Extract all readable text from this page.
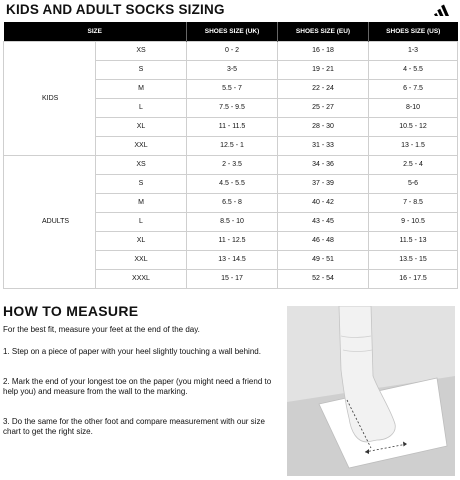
KIDS AND ADULT SOCKS SIZING
SIZE		SHOES SIZE (UK)	SHOES SIZE (EU)	SHOES SIZE (US)
KIDS	XS	0 - 2	16 - 18	1-3
	S	3-5	19 - 21	4 - 5.5
	M	5.5 - 7	22 - 24	6 - 7.5
	L	7.5 - 9.5	25 - 27	8-10
	XL	11 - 11.5	28 - 30	10.5 - 12
	XXL	12.5 - 1	31 - 33	13 - 1.5
ADULTS	XS	2 - 3.5	34 - 36	2.5 - 4
	S	4.5 - 5.5	37 - 39	5-6
	M	6.5 - 8	40 - 42	7 - 8.5
	L	8.5 - 10	43 - 45	9 - 10.5
	XL	11 - 12.5	46 - 48	11.5 - 13
	XXL	13 - 14.5	49 - 51	13.5 - 15
	XXXL	15 - 17	52 - 54	16 - 17.5
HOW TO MEASURE
For the best fit, measure your feet at the end of the day.
1. Step on a piece of paper with your heel slightly touching a wall behind.
2. Mark the end of your longest toe on the paper (you might need a friend to help you) and measure from the wall to the marking.
3. Do the same for the other foot and compare measurement with our size chart to get the right size.
